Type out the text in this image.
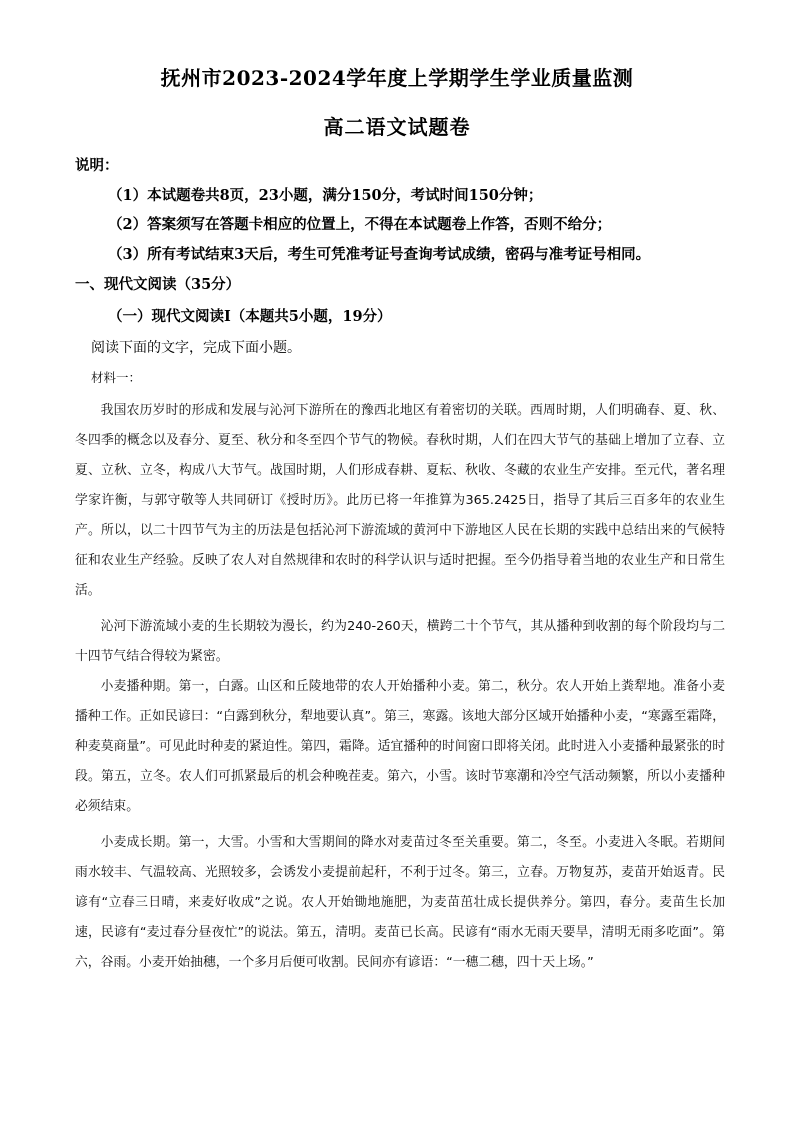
抚州市2023-2024学年度上学期学生学业质量监测
高二语文试题卷
说明：
（1）本试题卷共8页，23小题，满分150分，考试时间150分钟；
（2）答案须写在答题卡相应的位置上，不得在本试题卷上作答，否则不给分；
（3）所有考试结束3天后，考生可凭准考证号查询考试成绩，密码与准考证号相同。
一、现代文阅读（35分）
（一）现代文阅读Ⅰ（本题共5小题，19分）
阅读下面的文字，完成下面小题。
材料一：

我国农历岁时的形成和发展与沁河下游所在的豫西北地区有着密切的关联。西周时期，人们明确春、夏、秋、冬四季的概念以及春分、夏至、秋分和冬至四个节气的物候。春秋时期，人们在四大节气的基础上增加了立春、立夏、立秋、立冬，构成八大节气。战国时期，人们形成春耕、夏耘、秋收、冬藏的农业生产安排。至元代，著名理学家许衡，与郭守敬等人共同研订《授时历》。此历已将一年推算为365.2425日，指导了其后三百多年的农业生产。所以，以二十四节气为主的历法是包括沁河下游流域的黄河中下游地区人民在长期的实践中总结出来的气候特征和农业生产经验。反映了农人对自然规律和农时的科学认识与适时把握。至今仍指导着当地的农业生产和日常生活。

沁河下游流域小麦的生长期较为漫长，约为240-260天，横跨二十个节气，其从播种到收割的每个阶段均与二十四节气结合得较为紧密。

小麦播种期。第一，白露。山区和丘陵地带的农人开始播种小麦。第二，秋分。农人开始上粪犁地。准备小麦播种工作。正如民谚曰：“白露到秋分，犁地要认真”。第三，寒露。该地大部分区域开始播种小麦，“寒露至霜降，种麦莫商量”。可见此时种麦的紧迫性。第四，霜降。适宜播种的时间窗口即将关闭。此时进入小麦播种最紧张的时段。第五，立冬。农人们可抓紧最后的机会种晚茬麦。第六，小雪。该时节寒潮和冷空气活动频繁，所以小麦播种必须结束。

小麦成长期。第一，大雪。小雪和大雪期间的降水对麦苗过冬至关重要。第二，冬至。小麦进入冬眠。若期间雨水较丰、气温较高、光照较多，会诱发小麦提前起秆，不利于过冬。第三，立春。万物复苏，麦苗开始返青。民谚有“立春三日晴，来麦好收成”之说。农人开始锄地施肥，为麦苗茁壮成长提供养分。第四，春分。麦苗生长加速，民谚有“麦过春分昼夜忙”的说法。第五，清明。麦苗已长高。民谚有“雨水无雨天要旱，清明无雨多吃面”。第六，谷雨。小麦开始抽穗，一个多月后便可收割。民间亦有谚语：“一穗二穗，四十天上场。”
